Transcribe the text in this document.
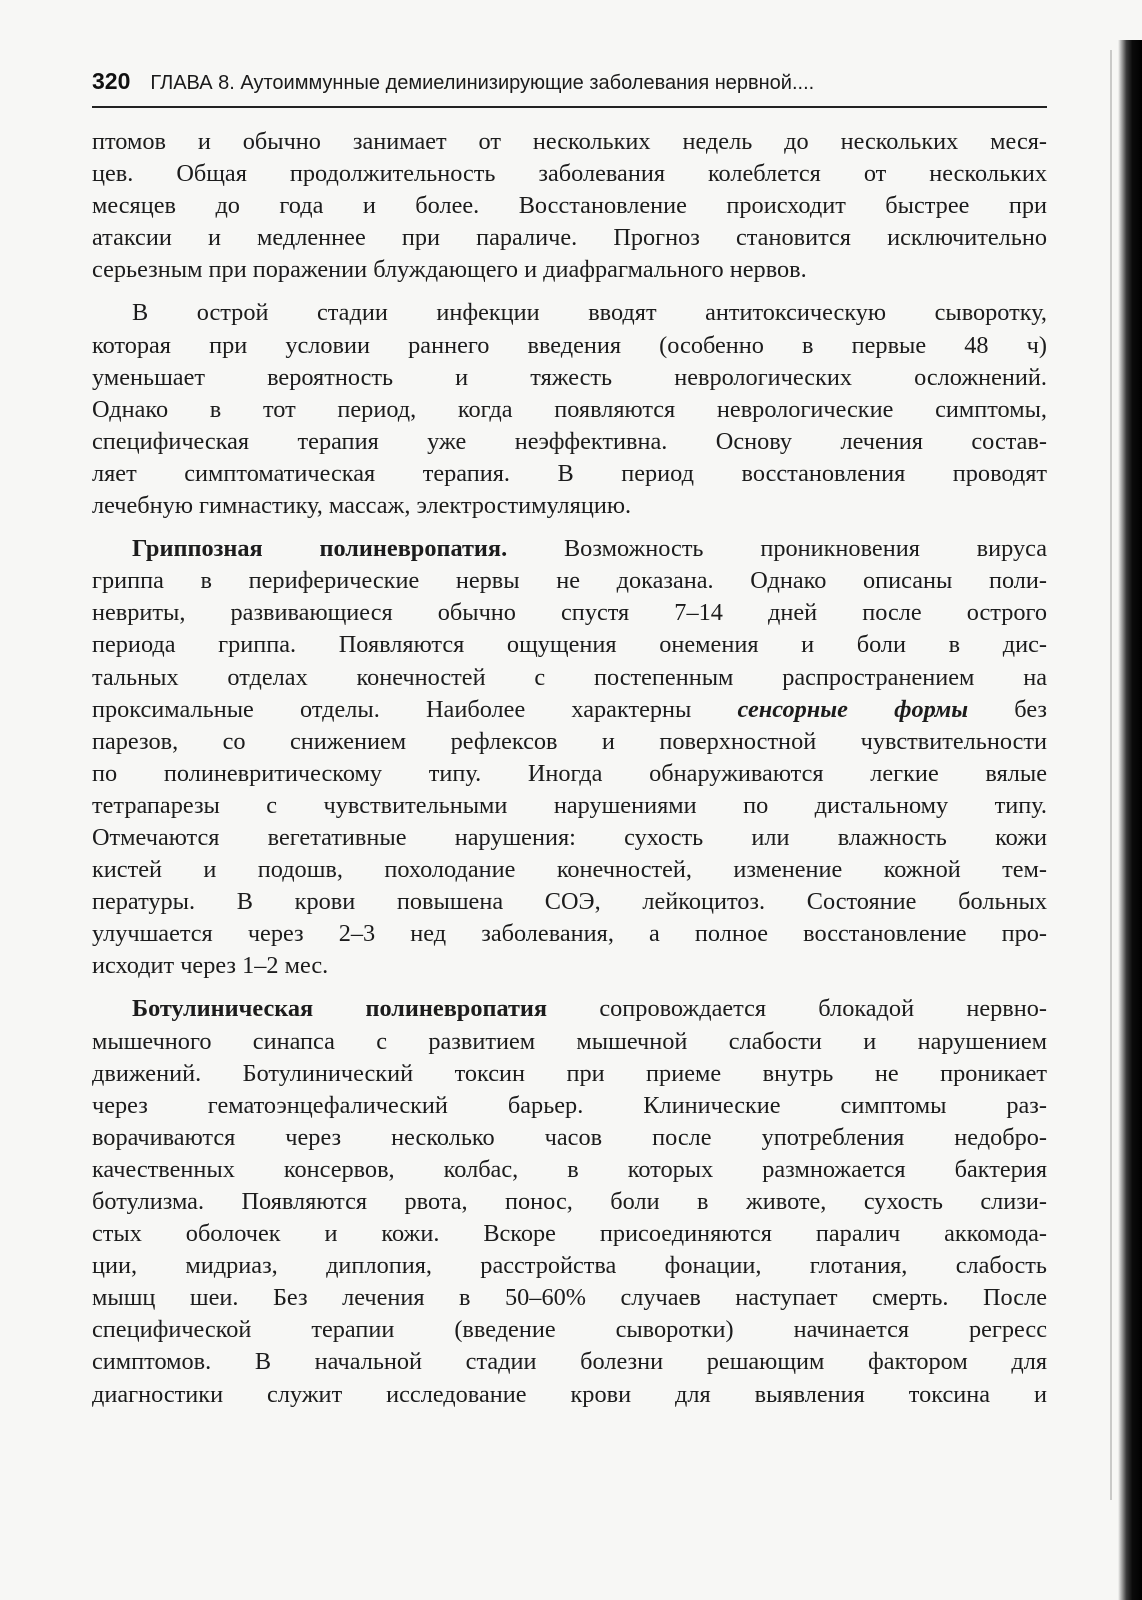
320 ГЛАВА 8. Аутоиммунные демиелинизирующие заболевания нервной....

птомов и обычно занимает от нескольких недель до нескольких меся-
цев. Общая продолжительность заболевания колеблется от нескольких
месяцев до года и более. Восстановление происходит быстрее при
атаксии и медленнее при параличе. Прогноз становится исключительно
серьезным при поражении блуждающего и диафрагмального нервов.

В острой стадии инфекции вводят антитоксическую сыворотку,
которая при условии раннего введения (особенно в первые 48 ч)
уменьшает вероятность и тяжесть неврологических осложнений.
Однако в тот период, когда появляются неврологические симптомы,
специфическая терапия уже неэффективна. Основу лечения состав-
ляет симптоматическая терапия. В период восстановления проводят
лечебную гимнастику, массаж, электростимуляцию.

Гриппозная полиневропатия. Возможность проникновения вируса
гриппа в периферические нервы не доказана. Однако описаны поли-
невриты, развивающиеся обычно спустя 7–14 дней после острого
периода гриппа. Появляются ощущения онемения и боли в дис-
тальных отделах конечностей с постепенным распространением на
проксимальные отделы. Наиболее характерны сенсорные формы без
парезов, со снижением рефлексов и поверхностной чувствительности
по полиневритическому типу. Иногда обнаруживаются легкие вялые
тетрапарезы с чувствительными нарушениями по дистальному типу.
Отмечаются вегетативные нарушения: сухость или влажность кожи
кистей и подошв, похолодание конечностей, изменение кожной тем-
пературы. В крови повышена СОЭ, лейкоцитоз. Состояние больных
улучшается через 2–3 нед заболевания, а полное восстановление про-
исходит через 1–2 мес.

Ботулиническая полиневропатия сопровождается блокадой нервно-
мышечного синапса с развитием мышечной слабости и нарушением
движений. Ботулинический токсин при приеме внутрь не проникает
через гематоэнцефалический барьер. Клинические симптомы раз-
ворачиваются через несколько часов после употребления недобро-
качественных консервов, колбас, в которых размножается бактерия
ботулизма. Появляются рвота, понос, боли в животе, сухость слизи-
стых оболочек и кожи. Вскоре присоединяются паралич аккомода-
ции, мидриаз, диплопия, расстройства фонации, глотания, слабость
мышц шеи. Без лечения в 50–60% случаев наступает смерть. После
специфической терапии (введение сыворотки) начинается регресс
симптомов. В начальной стадии болезни решающим фактором для
диагностики служит исследование крови для выявления токсина и
